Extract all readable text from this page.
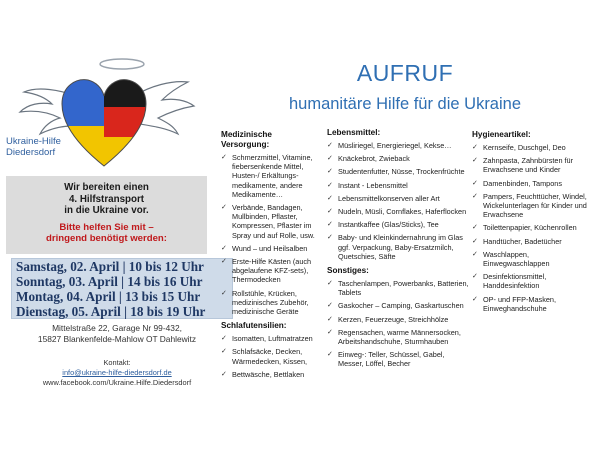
Ukraine-Hilfe
Diedersdorf
Wir bereiten einen
4. Hilfstransport
in die Ukraine vor.
Bitte helfen Sie mit –
dringend benötigt werden:
Samstag, 02. April | 10 bis 12 Uhr
Sonntag, 03. April | 14 bis 16 Uhr
Montag, 04. April | 13 bis 15 Uhr
Dienstag, 05. April | 18 bis 19 Uhr
Mittelstraße 22, Garage Nr 99-432,
15827 Blankenfelde-Mahlow OT Dahlewitz
Kontakt:
info@ukraine-hilfe-diedersdorf.de
www.facebook.com/Ukraine.Hilfe.Diedersdorf
AUFRUF
humanitäre Hilfe für die Ukraine
Medizinische
Versorgung:
✓ Schmerzmittel, Vitamine, fiebersenkende Mittel, Husten-/ Erkältungs-medikamente, andere Medikamente…
✓ Verbände, Bandagen, Mullbinden, Pflaster, Kompressen, Pflaster im Spray und auf Rolle, usw.
✓ Wund – und Heilsalben
✓ Erste-Hilfe Kästen (auch abgelaufene KFZ-sets), Thermodecken
✓ Rollstühle, Krücken, medizinisches Zubehör, medizinische Geräte
Schlafutensilien:
✓ Isomatten, Luftmatratzen
✓ Schlafsäcke, Decken, Wärmedecken, Kissen,
✓ Bettwäsche, Bettlaken
Lebensmittel:
✓ Müsliriegel, Energieriegel, Kekse…
✓ Knäckebrot, Zwieback
✓ Studentenfutter, Nüsse, Trockenfrüchte
✓ Instant - Lebensmittel
✓ Lebensmittelkonserven aller Art
✓ Nudeln, Müsli, Cornflakes, Haferflocken
✓ Instantkaffee (Glas/Sticks), Tee
✓ Baby- und Kleinkindernahrung im Glas ggf. Verpackung, Baby-Ersatzmilch, Quetschies, Säfte
Sonstiges:
✓ Taschenlampen, Powerbanks, Batterien, Tablets
✓ Gaskocher – Camping, Gaskartuschen
✓ Kerzen, Feuerzeuge, Streichhölze
✓ Regensachen, warme Männersocken, Arbeitshandschuhe, Sturmhauben
✓ Einweg-: Teller, Schüssel, Gabel, Messer, Löffel, Becher
Hygieneartikel:
✓ Kernseife, Duschgel, Deo
✓ Zahnpasta, Zahnbürsten für Erwachsene und Kinder
✓ Damenbinden, Tampons
✓ Pampers, Feuchttücher, Windel, Wickelunterlagen für Kinder und Erwachsene
✓ Toilettenpapier, Küchenrollen
✓ Handtücher, Badetücher
✓ Waschlappen, Einwegwaschlappen
✓ Desinfektionsmittel, Handdesinfektion
✓ OP- und FFP-Masken, Einweghandschuhe
